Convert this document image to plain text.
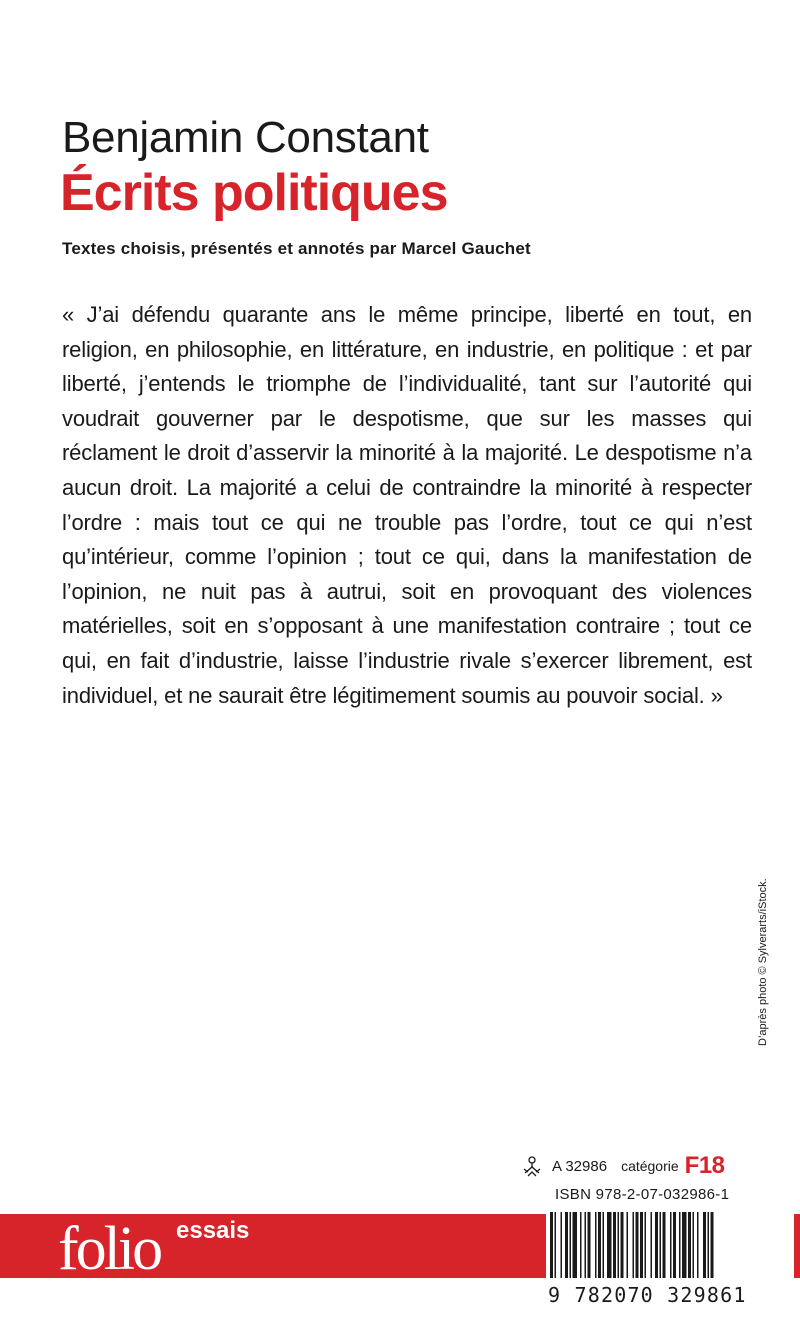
Benjamin Constant
Écrits politiques
Textes choisis, présentés et annotés par Marcel Gauchet
« J’ai défendu quarante ans le même principe, liberté en tout, en religion, en philosophie, en littérature, en industrie, en politique : et par liberté, j’entends le triomphe de l’individualité, tant sur l’autorité qui voudrait gouverner par le despotisme, que sur les masses qui réclament le droit d’asservir la minorité à la majorité. Le despotisme n’a aucun droit. La majorité a celui de contraindre la minorité à respecter l’ordre : mais tout ce qui ne trouble pas l’ordre, tout ce qui n’est qu’intérieur, comme l’opinion ; tout ce qui, dans la manifestation de l’opinion, ne nuit pas à autrui, soit en provoquant des violences matérielles, soit en s’opposant à une manifestation contraire ; tout ce qui, en fait d’industrie, laisse l’industrie rivale s’exercer librement, est individuel, et ne saurait être légitimement soumis au pouvoir social. »
D’après photo © Sylverarts/iStock.
A 32986 catégorie F18
ISBN 978-2-07-032986-1
folio essais
9 782070 329861
